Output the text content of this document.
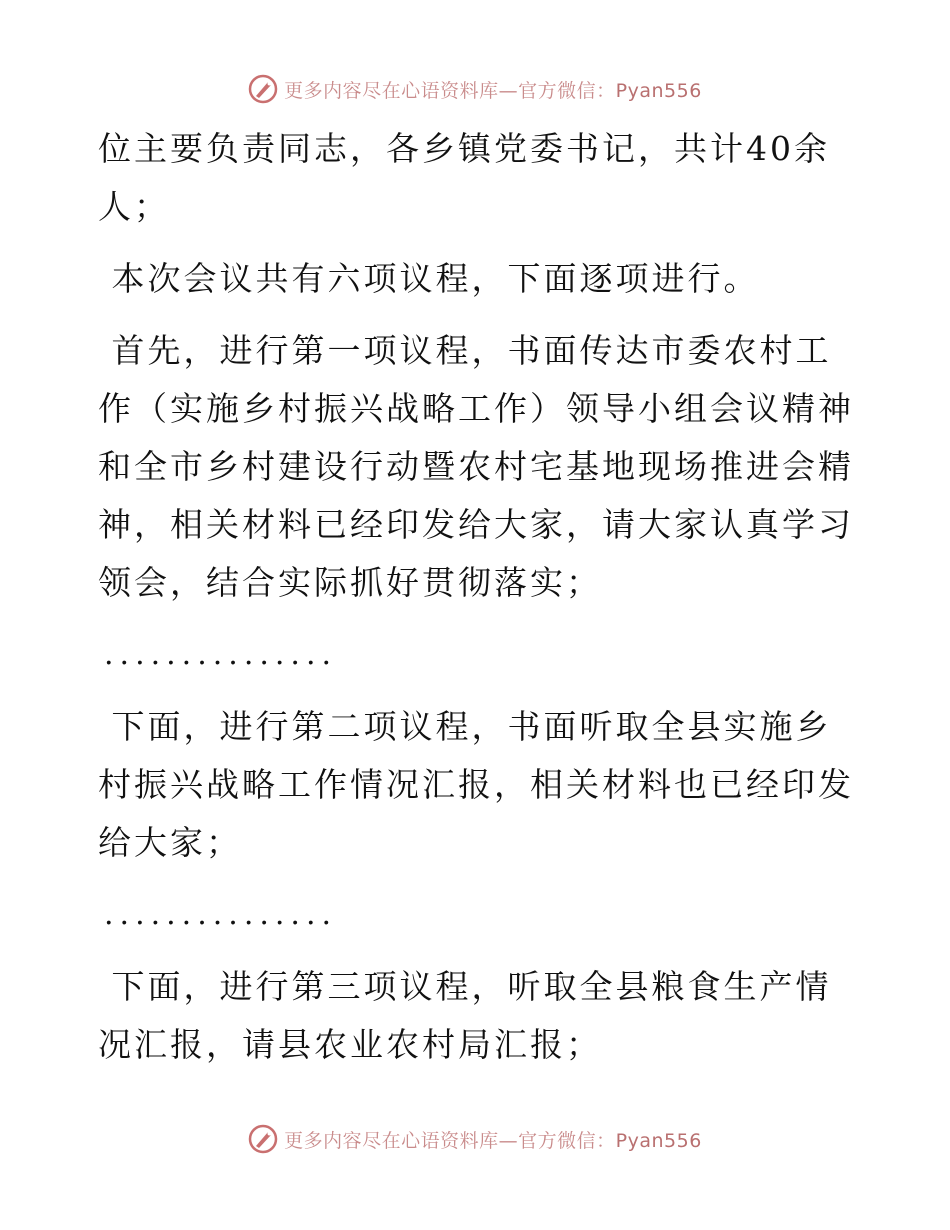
更多内容尽在心语资料库—官方微信：Pyan556

位主要负责同志，各乡镇党委书记，共计40余人；

本次会议共有六项议程，下面逐项进行。

首先，进行第一项议程，书面传达市委农村工作（实施乡村振兴战略工作）领导小组会议精神和全市乡村建设行动暨农村宅基地现场推进会精神，相关材料已经印发给大家，请大家认真学习领会，结合实际抓好贯彻落实；

...............

下面，进行第二项议程，书面听取全县实施乡村振兴战略工作情况汇报，相关材料也已经印发给大家；

...............

下面，进行第三项议程，听取全县粮食生产情况汇报，请县农业农村局汇报；

更多内容尽在心语资料库—官方微信：Pyan556
